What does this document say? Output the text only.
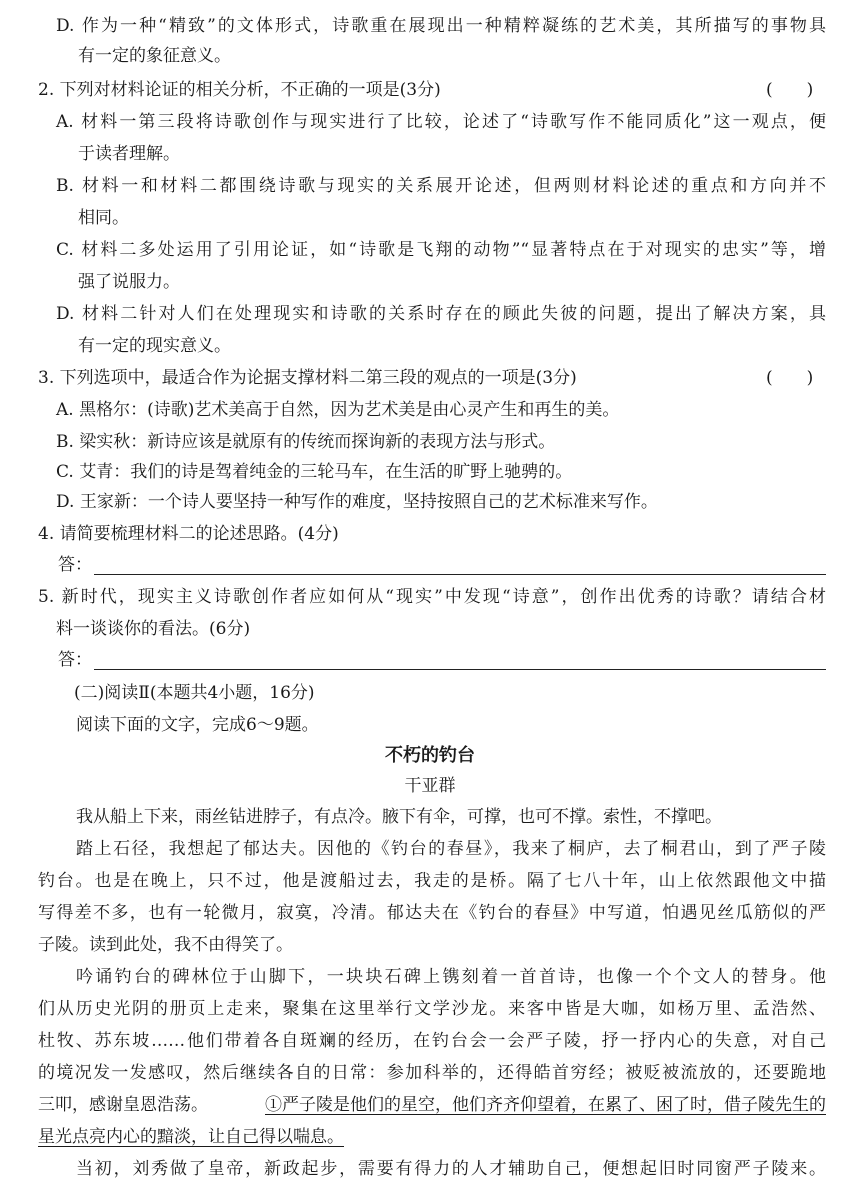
D. 作为一种“精致”的文体形式，诗歌重在展现出一种精粹凝练的艺术美，其所描写的事物具
有一定的象征意义。
2. 下列对材料论证的相关分析，不正确的一项是(3分)	(　　)
A. 材料一第三段将诗歌创作与现实进行了比较，论述了“诗歌写作不能同质化”这一观点，便
于读者理解。
B. 材料一和材料二都围绕诗歌与现实的关系展开论述，但两则材料论述的重点和方向并不
相同。
C. 材料二多处运用了引用论证，如“诗歌是飞翔的动物”“显著特点在于对现实的忠实”等，增
强了说服力。
D. 材料二针对人们在处理现实和诗歌的关系时存在的顾此失彼的问题，提出了解决方案，具
有一定的现实意义。
3. 下列选项中，最适合作为论据支撑材料二第三段的观点的一项是(3分)	(　　)
A. 黑格尔：(诗歌)艺术美高于自然，因为艺术美是由心灵产生和再生的美。
B. 梁实秋：新诗应该是就原有的传统而探询新的表现方法与形式。
C. 艾青：我们的诗是驾着纯金的三轮马车，在生活的旷野上驰骋的。
D. 王家新：一个诗人要坚持一种写作的难度，坚持按照自己的艺术标准来写作。
4. 请简要梳理材料二的论述思路。(4分)
答：
5. 新时代，现实主义诗歌创作者应如何从“现实”中发现“诗意”，创作出优秀的诗歌？请结合材
料一谈谈你的看法。(6分)
答：
(二)阅读Ⅱ(本题共4小题，16分)
阅读下面的文字，完成6～9题。
不朽的钓台
干亚群
我从船上下来，雨丝钻进脖子，有点冷。腋下有伞，可撑，也可不撑。索性，不撑吧。
踏上石径，我想起了郁达夫。因他的《钓台的春昼》，我来了桐庐，去了桐君山，到了严子陵
钓台。也是在晚上，只不过，他是渡船过去，我走的是桥。隔了七八十年，山上依然跟他文中描
写得差不多，也有一轮微月，寂寞，冷清。郁达夫在《钓台的春昼》中写道，怕遇见丝瓜筋似的严
子陵。读到此处，我不由得笑了。
吟诵钓台的碑林位于山脚下，一块块石碑上镌刻着一首首诗，也像一个个文人的替身。他
们从历史光阴的册页上走来，聚集在这里举行文学沙龙。来客中皆是大咖，如杨万里、孟浩然、
杜牧、苏东坡……他们带着各自斑斓的经历，在钓台会一会严子陵，抒一抒内心的失意，对自己
的境况发一发感叹，然后继续各自的日常：参加科举的，还得皓首穷经；被贬被流放的，还要跪地
三叩，感谢皇恩浩荡。	①严子陵是他们的星空，他们齐齐仰望着，在累了、困了时，借子陵先生的
星光点亮内心的黯淡，让自己得以喘息。
当初，刘秀做了皇帝，新政起步，需要有得力的人才辅助自己，便想起旧时同窗严子陵来。
